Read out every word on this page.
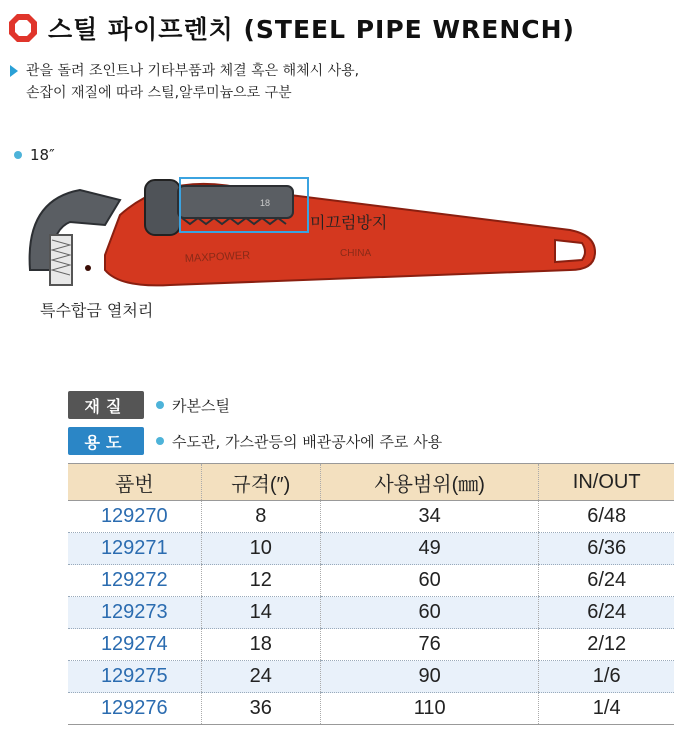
스틸 파이프렌치 (STEEL PIPE WRENCH)
관을 돌려 조인트나 기타부품과 체결 혹은 해체시 사용,
손잡이 재질에 따라 스틸,알루미늄으로 구분
18″
MAXPOWER	CHINA
18
미끄럼방지
특수합금 열처리
재질	카본스틸
용도	수도관, 가스관등의 배관공사에 주로 사용
품번	규격(″)	사용범위(㎜)	IN/OUT
129270	8	34	6/48
129271	10	49	6/36
129272	12	60	6/24
129273	14	60	6/24
129274	18	76	2/12
129275	24	90	1/6
129276	36	110	1/4
